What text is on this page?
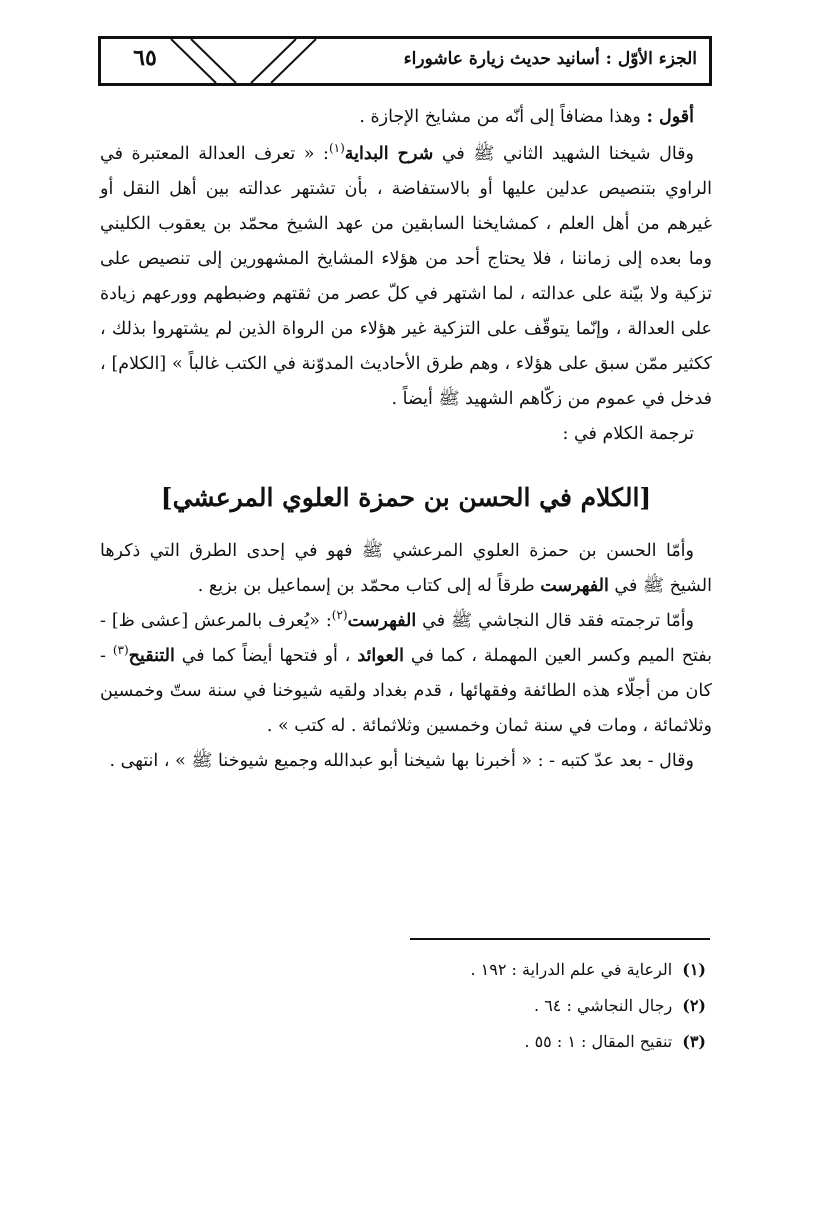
٦٥	الجزء الأوّل : أسانيد حديث زيارة عاشوراء

أقول : وهذا مضافاً إلى أنّه من مشايخ الإجازة .

وقال شيخنا الشهيد الثاني ﷺ في شرح البداية$^{(١)}$: « تعرف العدالة المعتبرة في الراوي بتنصيص عدلين عليها أو بالاستفاضة ، بأن تشتهر عدالته بين أهل النقل أو غيرهم من أهل العلم ، كمشايخنا السابقين من عهد الشيخ محمّد بن يعقوب الكليني وما بعده إلى زماننا ، فلا يحتاج أحد من هؤلاء المشايخ المشهورين إلى تنصيص على تزكية ولا بيّنة على عدالته ، لما اشتهر في كلّ عصر من ثقتهم وضبطهم وورعهم زيادة على العدالة ، وإنّما يتوقّف على التزكية غير هؤلاء من الرواة الذين لم يشتهروا بذلك ، ككثير ممّن سبق على هؤلاء ، وهم طرق الأحاديث المدوّنة في الكتب غالباً » [الكلام] ، فدخل في عموم من زكّاهم الشهيد ﷺ أيضاً .

ترجمة الكلام في :

[الكلام في الحسن بن حمزة العلوي المرعشي]

وأمّا الحسن بن حمزة العلوي المرعشي ﷺ فهو في إحدى الطرق التي ذكرها الشيخ ﷺ في الفهرست طرقاً له إلى كتاب محمّد بن إسماعيل بن بزيع .

وأمّا ترجمته فقد قال النجاشي ﷺ في الفهرست$^{(٢)}$: «يُعرف بالمرعش [عشى ظ] - بفتح الميم وكسر العين المهملة ، كما في العوائد ، أو فتحها أيضاً كما في التنقيح$^{(٣)}$ - كان من أجلّاء هذه الطائفة وفقهائها ، قدم بغداد ولقيه شيوخنا في سنة ستّ وخمسين وثلاثمائة ، ومات في سنة ثمان وخمسين وثلاثمائة . له كتب » .

وقال - بعد عدّ كتبه - : « أخبرنا بها شيخنا أبو عبدالله وجميع شيوخنا ﷺ » ، انتهى .

(١)الرعاية في علم الدراية : ١٩٢ .

(٢)رجال النجاشي : ٦٤ .

(٣)تنقيح المقال : ١ : ٥٥ .
